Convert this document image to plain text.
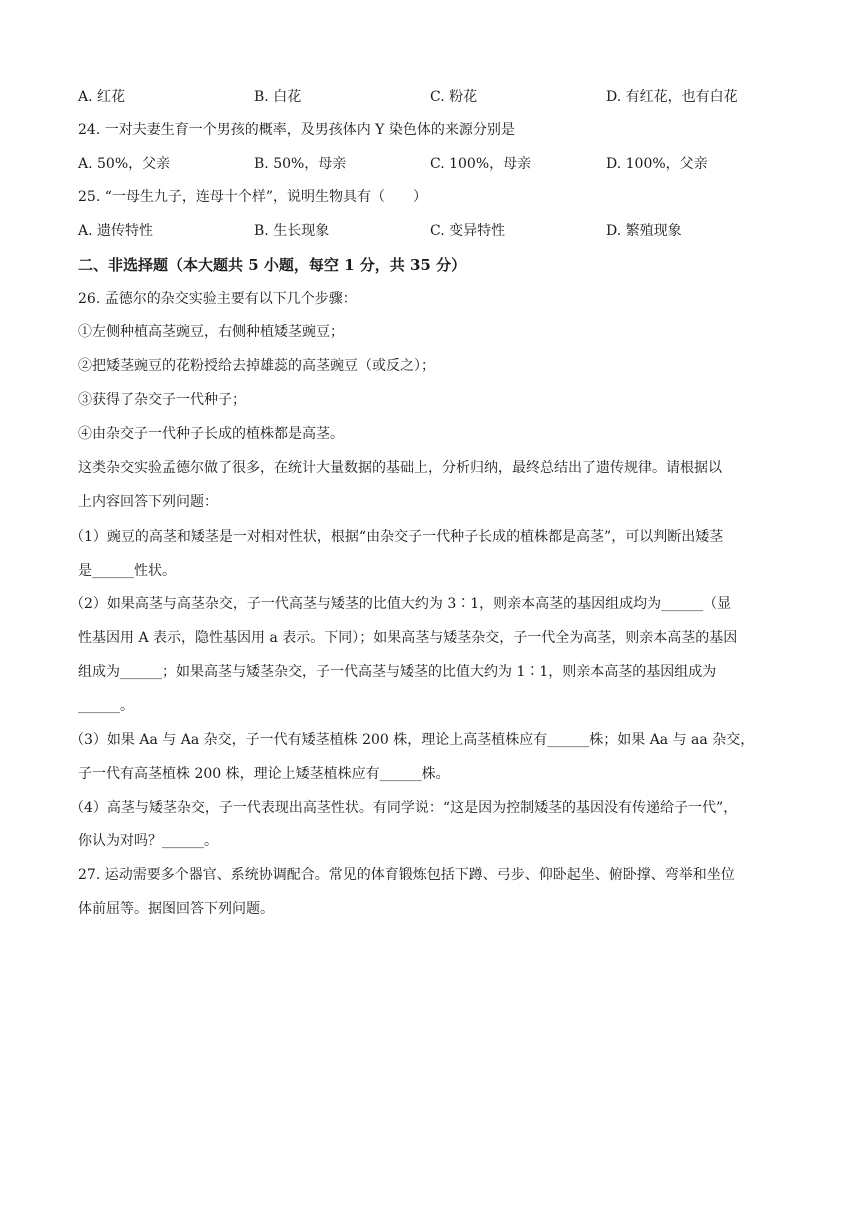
A. 红花	B. 白花	C. 粉花	D. 有红花，也有白花
24. 一对夫妻生育一个男孩的概率，及男孩体内 Y 染色体的来源分别是
A. 50%，父亲	B. 50%，母亲	C. 100%，母亲	D. 100%，父亲
25. “一母生九子，连母十个样”，说明生物具有（　　）
A. 遗传特性	B. 生长现象	C. 变异特性	D. 繁殖现象
二、非选择题（本大题共 5 小题，每空 1 分，共 35 分）
26. 孟德尔的杂交实验主要有以下几个步骤：
①左侧种植高茎豌豆，右侧种植矮茎豌豆；
②把矮茎豌豆的花粉授给去掉雄蕊的高茎豌豆（或反之）；
③获得了杂交子一代种子；
④由杂交子一代种子长成的植株都是高茎。
这类杂交实验孟德尔做了很多，在统计大量数据的基础上，分析归纳，最终总结出了遗传规律。请根据以
上内容回答下列问题：
（1）豌豆的高茎和矮茎是一对相对性状，根据“由杂交子一代种子长成的植株都是高茎”，可以判断出矮茎
是______性状。
（2）如果高茎与高茎杂交，子一代高茎与矮茎的比值大约为 3∶1，则亲本高茎的基因组成均为______（显
性基因用 A 表示，隐性基因用 a 表示。下同）；如果高茎与矮茎杂交，子一代全为高茎，则亲本高茎的基因
组成为______；如果高茎与矮茎杂交，子一代高茎与矮茎的比值大约为 1∶1，则亲本高茎的基因组成为
______。
（3）如果 Aa 与 Aa 杂交，子一代有矮茎植株 200 株，理论上高茎植株应有______株；如果 Aa 与 aa 杂交，
子一代有高茎植株 200 株，理论上矮茎植株应有______株。
（4）高茎与矮茎杂交，子一代表现出高茎性状。有同学说：“这是因为控制矮茎的基因没有传递给子一代”，
你认为对吗？______。
27. 运动需要多个器官、系统协调配合。常见的体育锻炼包括下蹲、弓步、仰卧起坐、俯卧撑、弯举和坐位
体前屈等。据图回答下列问题。
